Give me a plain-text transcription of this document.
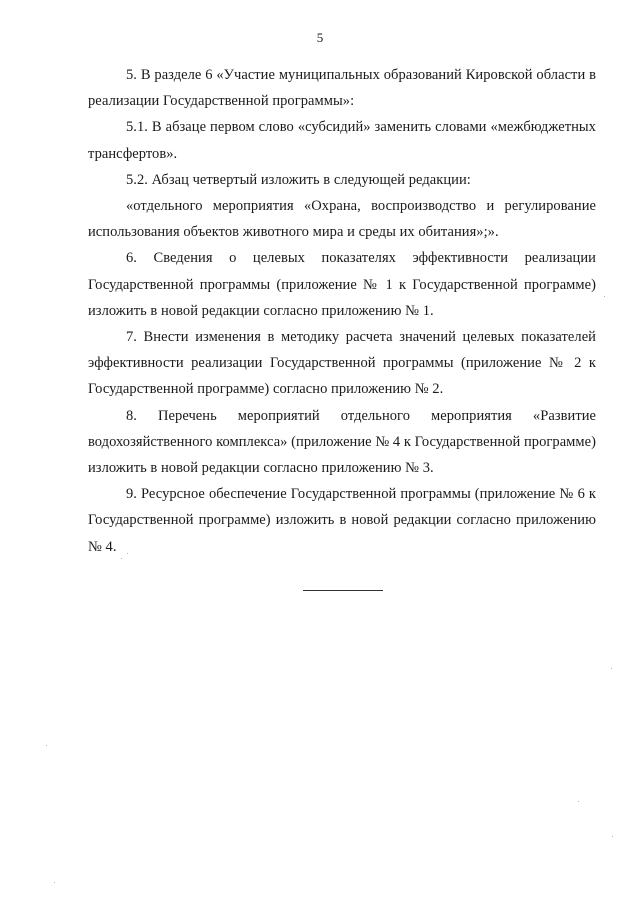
5

5. В разделе 6 «Участие муниципальных образований Кировской области в реализации Государственной программы»:

5.1. В абзаце первом слово «субсидий» заменить словами «межбюджетных трансфертов».

5.2. Абзац четвертый изложить в следующей редакции:

«отдельного мероприятия «Охрана, воспроизводство и регулирование использования объектов животного мира и среды их обитания»;».

6. Сведения о целевых показателях эффективности реализации Государственной программы (приложение № 1 к Государственной программе) изложить в новой редакции согласно приложению № 1.

7. Внести изменения в методику расчета значений целевых показателей эффективности реализации Государственной программы (приложение № 2 к Государственной программе) согласно приложению № 2.

8. Перечень мероприятий отдельного мероприятия «Развитие водохозяйственного комплекса» (приложение № 4 к Государственной программе) изложить в новой редакции согласно приложению № 3.

9. Ресурсное обеспечение Государственной программы (приложение № 6 к Государственной программе) изложить в новой редакции согласно приложению № 4.
